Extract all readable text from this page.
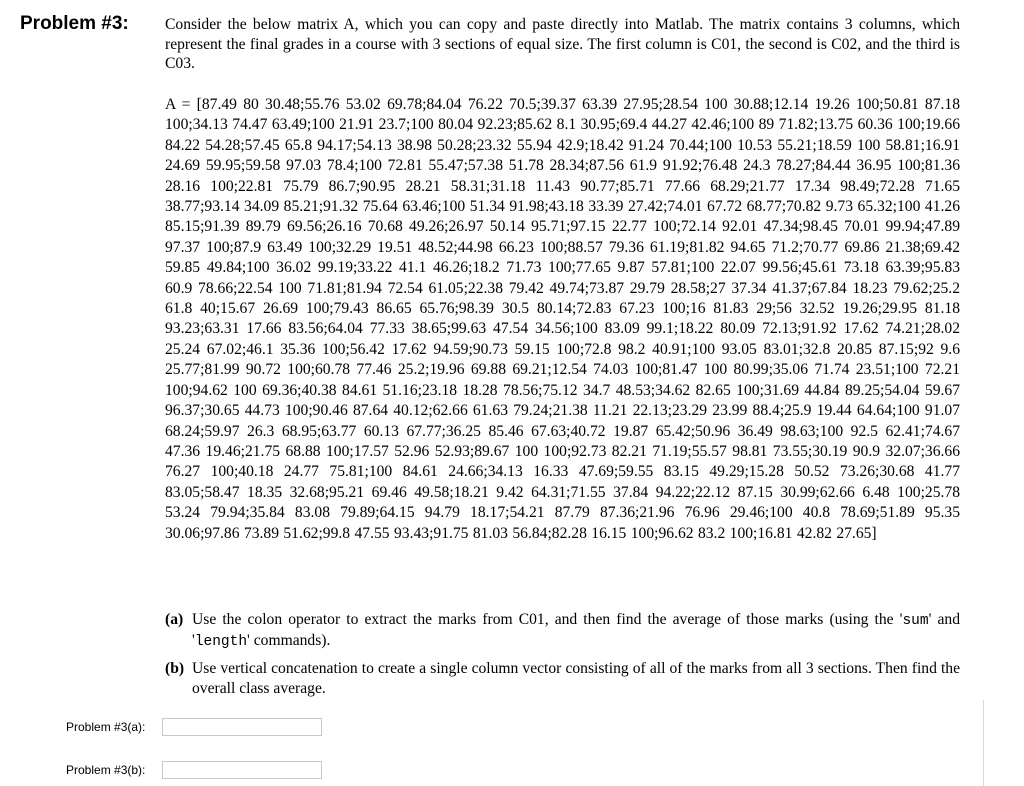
Problem #3: Consider the below matrix A, which you can copy and paste directly into Matlab. The matrix contains 3 columns, which represent the final grades in a course with 3 sections of equal size. The first column is C01, the second is C02, and the third is C03.
A = [87.49 80 30.48;55.76 53.02 69.78;84.04 76.22 70.5;39.37 63.39 27.95;28.54 100 30.88;12.14 19.26 100;50.81 87.18 100;34.13 74.47 63.49;100 21.91 23.7;100 80.04 92.23;85.62 8.1 30.95;69.4 44.27 42.46;100 89 71.82;13.75 60.36 100;19.66 84.22 54.28;57.45 65.8 94.17;54.13 38.98 50.28;23.32 55.94 42.9;18.42 91.24 70.44;100 10.53 55.21;18.59 100 58.81;16.91 24.69 59.95;59.58 97.03 78.4;100 72.81 55.47;57.38 51.78 28.34;87.56 61.9 91.92;76.48 24.3 78.27;84.44 36.95 100;81.36 28.16 100;22.81 75.79 86.7;90.95 28.21 58.31;31.18 11.43 90.77;85.71 77.66 68.29;21.77 17.34 98.49;72.28 71.65 38.77;93.14 34.09 85.21;91.32 75.64 63.46;100 51.34 91.98;43.18 33.39 27.42;74.01 67.72 68.77;70.82 9.73 65.32;100 41.26 85.15;91.39 89.79 69.56;26.16 70.68 49.26;26.97 50.14 95.71;97.15 22.77 100;72.14 92.01 47.34;98.45 70.01 99.94;47.89 97.37 100;87.9 63.49 100;32.29 19.51 48.52;44.98 66.23 100;88.57 79.36 61.19;81.82 94.65 71.2;70.77 69.86 21.38;69.42 59.85 49.84;100 36.02 99.19;33.22 41.1 46.26;18.2 71.73 100;77.65 9.87 57.81;100 22.07 99.56;45.61 73.18 63.39;95.83 60.9 78.66;22.54 100 71.81;81.94 72.54 61.05;22.38 79.42 49.74;73.87 29.79 28.58;27 37.34 41.37;67.84 18.23 79.62;25.2 61.8 40;15.67 26.69 100;79.43 86.65 65.76;98.39 30.5 80.14;72.83 67.23 100;16 81.83 29;56 32.52 19.26;29.95 81.18 93.23;63.31 17.66 83.56;64.04 77.33 38.65;99.63 47.54 34.56;100 83.09 99.1;18.22 80.09 72.13;91.92 17.62 74.21;28.02 25.24 67.02;46.1 35.36 100;56.42 17.62 94.59;90.73 59.15 100;72.8 98.2 40.91;100 93.05 83.01;32.8 20.85 87.15;92 9.6 25.77;81.99 90.72 100;60.78 77.46 25.2;19.96 69.88 69.21;12.54 74.03 100;81.47 100 80.99;35.06 71.74 23.51;100 72.21 100;94.62 100 69.36;40.38 84.61 51.16;23.18 18.28 78.56;75.12 34.7 48.53;34.62 82.65 100;31.69 44.84 89.25;54.04 59.67 96.37;30.65 44.73 100;90.46 87.64 40.12;62.66 61.63 79.24;21.38 11.21 22.13;23.29 23.99 88.4;25.9 19.44 64.64;100 91.07 68.24;59.97 26.3 68.95;63.77 60.13 67.77;36.25 85.46 67.63;40.72 19.87 65.42;50.96 36.49 98.63;100 92.5 62.41;74.67 47.36 19.46;21.75 68.88 100;17.57 52.96 52.93;89.67 100 100;92.73 82.21 71.19;55.57 98.81 73.55;30.19 90.9 32.07;36.66 76.27 100;40.18 24.77 75.81;100 84.61 24.66;34.13 16.33 47.69;59.55 83.15 49.29;15.28 50.52 73.26;30.68 41.77 83.05;58.47 18.35 32.68;95.21 69.46 49.58;18.21 9.42 64.31;71.55 37.84 94.22;22.12 87.15 30.99;62.66 6.48 100;25.78 53.24 79.94;35.84 83.08 79.89;64.15 94.79 18.17;54.21 87.79 87.36;21.96 76.96 29.46;100 40.8 78.69;51.89 95.35 30.06;97.86 73.89 51.62;99.8 47.55 93.43;91.75 81.03 56.84;82.28 16.15 100;96.62 83.2 100;16.81 42.82 27.65]
(a) Use the colon operator to extract the marks from C01, and then find the average of those marks (using the 'sum' and 'length' commands).
(b) Use vertical concatenation to create a single column vector consisting of all of the marks from all 3 sections. Then find the overall class average.
Problem #3(a):
Problem #3(b):
